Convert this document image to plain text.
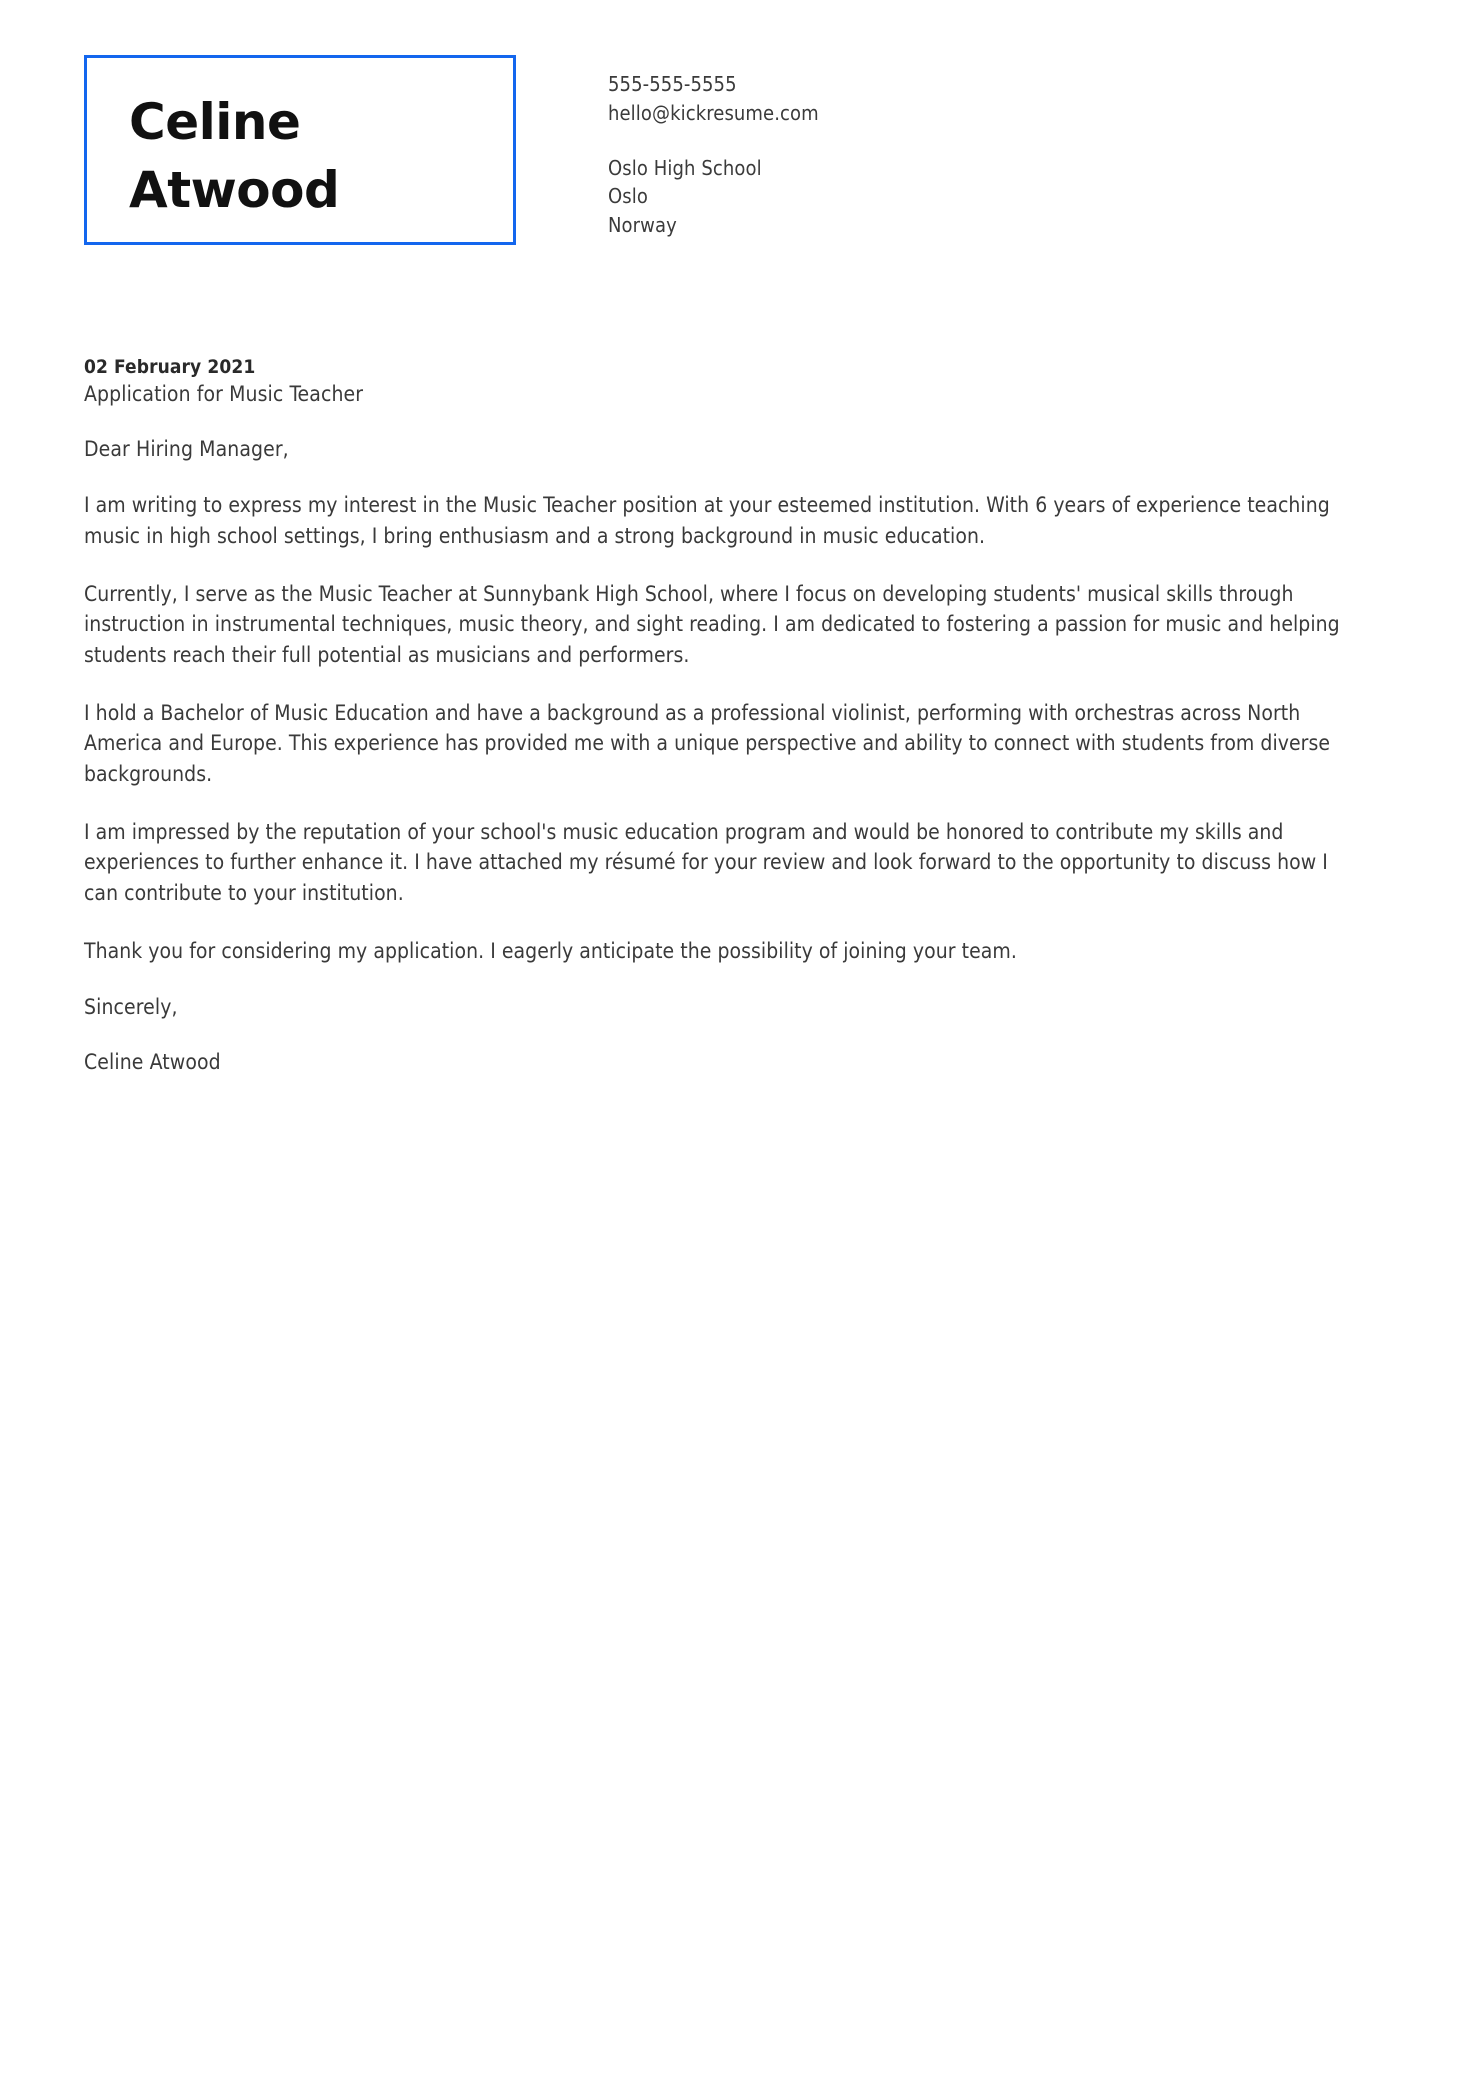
Celine
Atwood
555-555-5555
hello@kickresume.com
Oslo High School
Oslo
Norway
02 February 2021
Application for Music Teacher
Dear Hiring Manager,
I am writing to express my interest in the Music Teacher position at your esteemed institution. With 6 years of experience teaching music in high school settings, I bring enthusiasm and a strong background in music education.
Currently, I serve as the Music Teacher at Sunnybank High School, where I focus on developing students' musical skills through instruction in instrumental techniques, music theory, and sight reading. I am dedicated to fostering a passion for music and helping students reach their full potential as musicians and performers.
I hold a Bachelor of Music Education and have a background as a professional violinist, performing with orchestras across North America and Europe. This experience has provided me with a unique perspective and ability to connect with students from diverse backgrounds.
I am impressed by the reputation of your school's music education program and would be honored to contribute my skills and experiences to further enhance it. I have attached my résumé for your review and look forward to the opportunity to discuss how I can contribute to your institution.
Thank you for considering my application. I eagerly anticipate the possibility of joining your team.
Sincerely,
Celine Atwood
